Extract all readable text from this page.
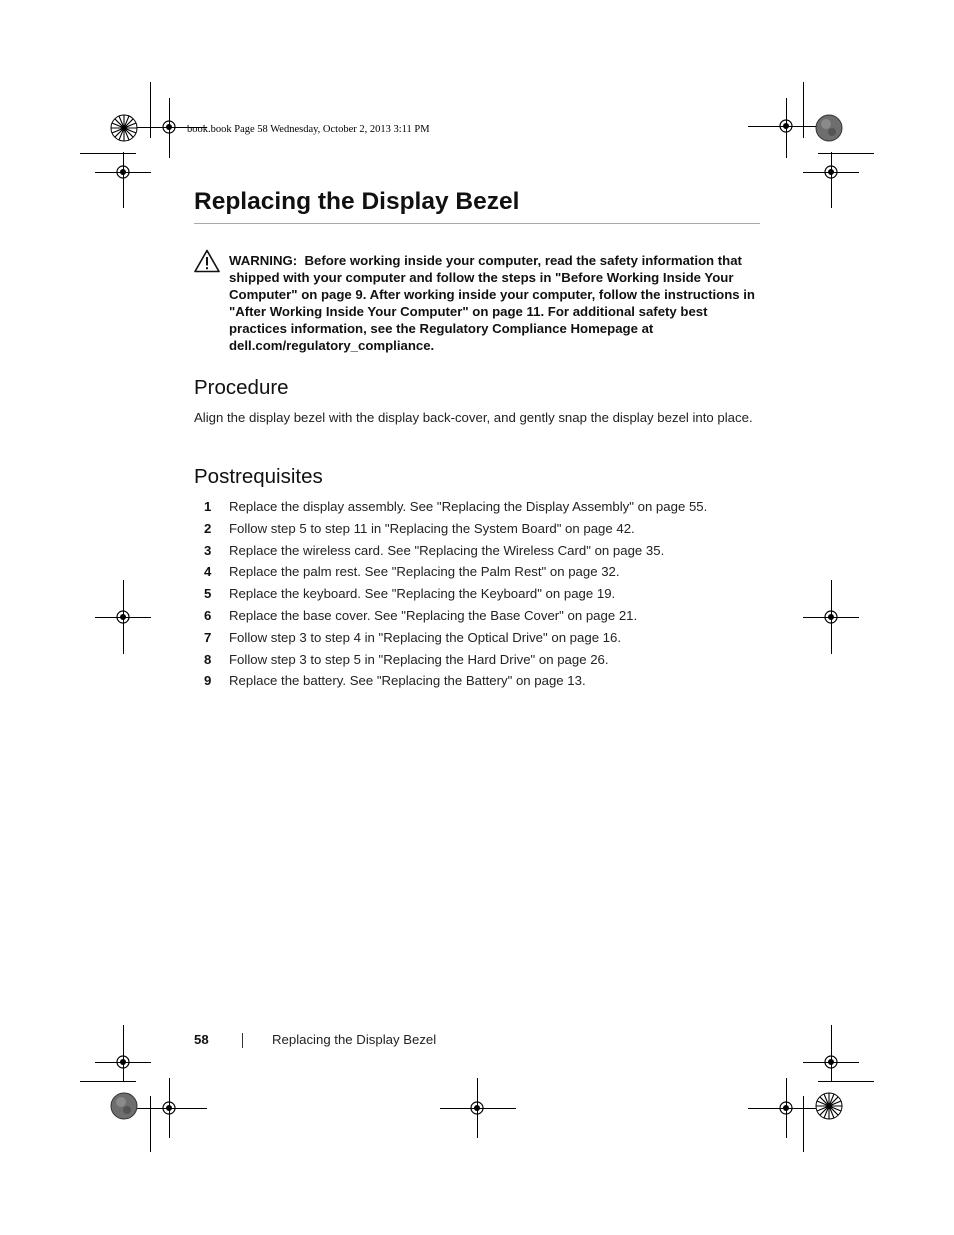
book.book Page 58 Wednesday, October 2, 2013 3:11 PM
Replacing the Display Bezel
WARNING: Before working inside your computer, read the safety information that shipped with your computer and follow the steps in "Before Working Inside Your Computer" on page 9. After working inside your computer, follow the instructions in "After Working Inside Your Computer" on page 11. For additional safety best practices information, see the Regulatory Compliance Homepage at dell.com/regulatory_compliance.
Procedure
Align the display bezel with the display back-cover, and gently snap the display bezel into place.
Postrequisites
1 Replace the display assembly. See "Replacing the Display Assembly" on page 55.
2 Follow step 5 to step 11 in "Replacing the System Board" on page 42.
3 Replace the wireless card. See "Replacing the Wireless Card" on page 35.
4 Replace the palm rest. See "Replacing the Palm Rest" on page 32.
5 Replace the keyboard. See "Replacing the Keyboard" on page 19.
6 Replace the base cover. See "Replacing the Base Cover" on page 21.
7 Follow step 3 to step 4 in "Replacing the Optical Drive" on page 16.
8 Follow step 3 to step 5 in "Replacing the Hard Drive" on page 26.
9 Replace the battery. See "Replacing the Battery" on page 13.
58	Replacing the Display Bezel
